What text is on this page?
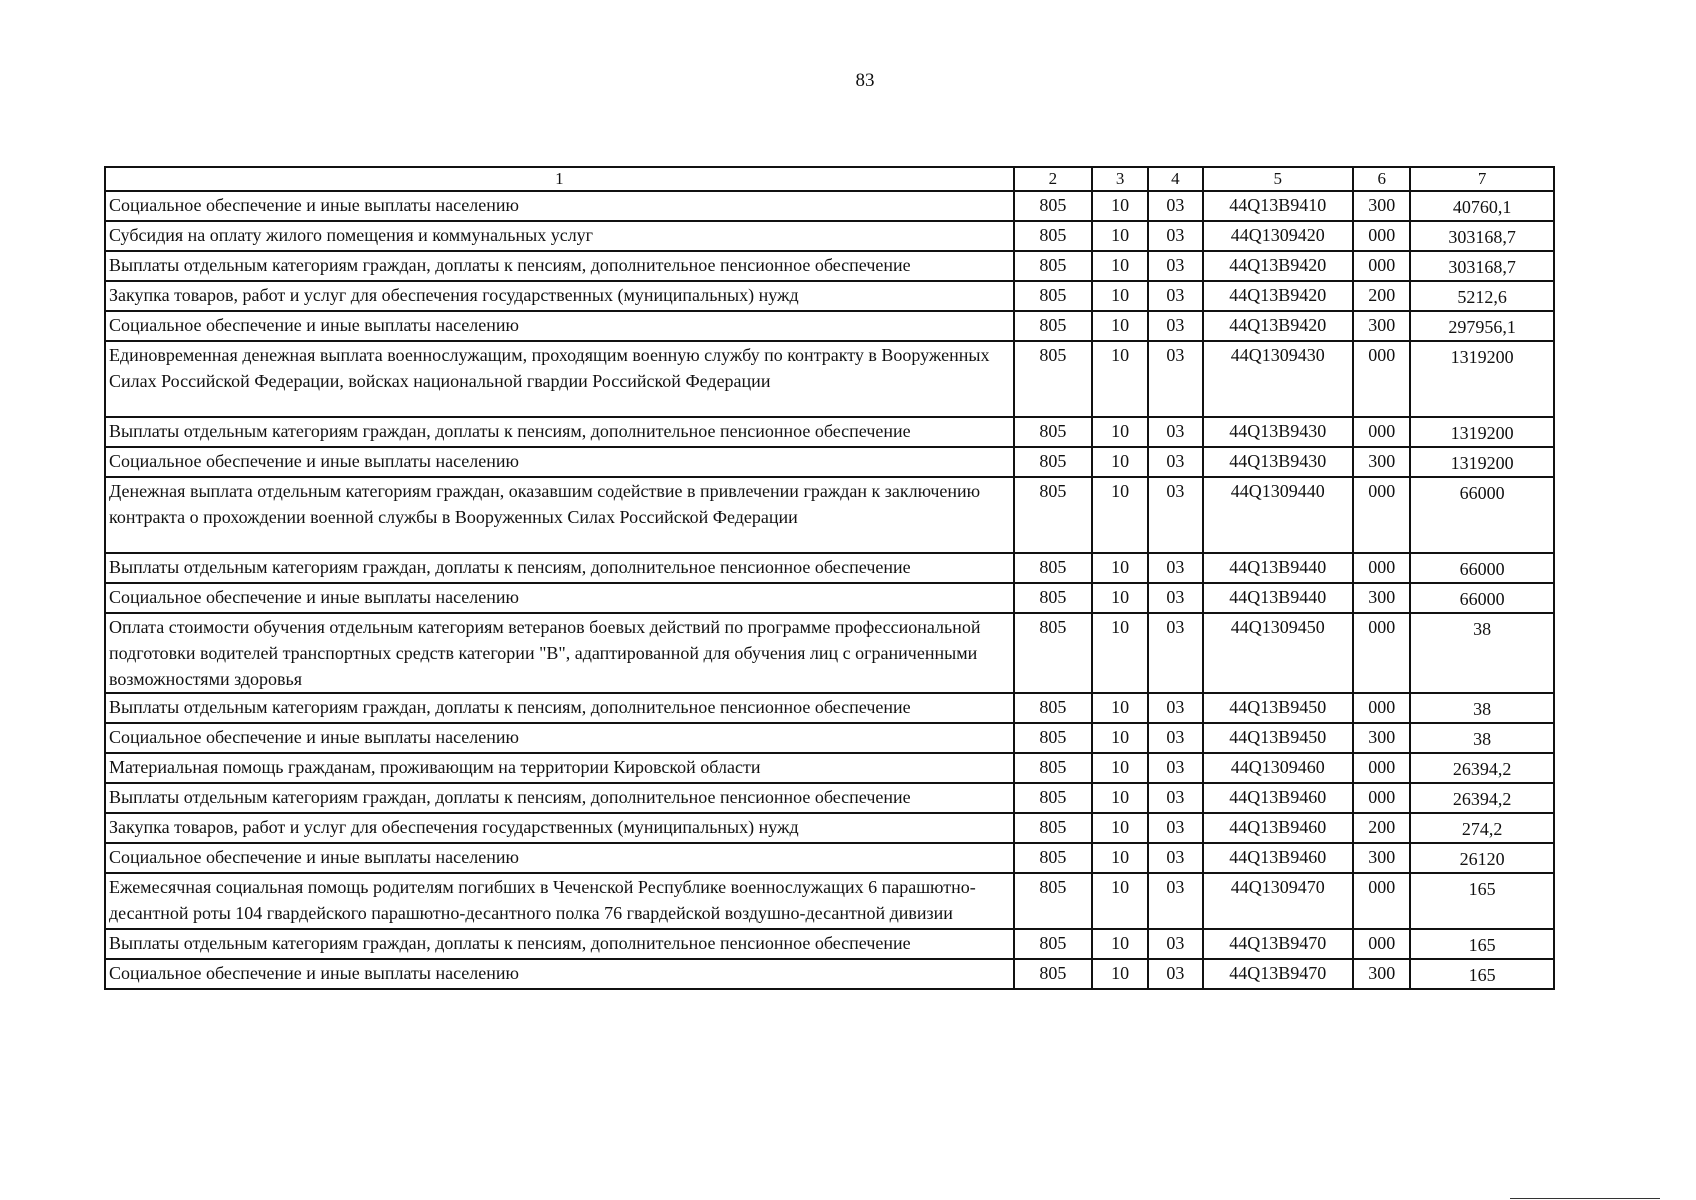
83
1	2	3	4	5	6	7
Социальное обеспечение и иные выплаты населению	805	10	03	44Q13B9410	300	40760,1
Субсидия на оплату жилого помещения и коммунальных услуг	805	10	03	44Q1309420	000	303168,7
Выплаты отдельным категориям граждан, доплаты к пенсиям, дополнительное пенсионное обеспечение	805	10	03	44Q13B9420	000	303168,7
Закупка товаров, работ и услуг для обеспечения государственных (муниципальных) нужд	805	10	03	44Q13B9420	200	5212,6
Социальное обеспечение и иные выплаты населению	805	10	03	44Q13B9420	300	297956,1
Единовременная денежная выплата военнослужащим, проходящим военную службу по контракту в Вооруженных Силах Российской Федерации, войсках национальной гвардии Российской Федерации	805	10	03	44Q1309430	000	1319200
Выплаты отдельным категориям граждан, доплаты к пенсиям, дополнительное пенсионное обеспечение	805	10	03	44Q13B9430	000	1319200
Социальное обеспечение и иные выплаты населению	805	10	03	44Q13B9430	300	1319200
Денежная выплата отдельным категориям граждан, оказавшим содействие в привлечении граждан к заключению контракта о прохождении военной службы в Вооруженных Силах Российской Федерации	805	10	03	44Q1309440	000	66000
Выплаты отдельным категориям граждан, доплаты к пенсиям, дополнительное пенсионное обеспечение	805	10	03	44Q13B9440	000	66000
Социальное обеспечение и иные выплаты населению	805	10	03	44Q13B9440	300	66000
Оплата стоимости обучения отдельным категориям ветеранов боевых действий по программе профессиональной подготовки водителей транспортных средств категории "B", адаптированной для обучения лиц с ограниченными возможностями здоровья	805	10	03	44Q1309450	000	38
Выплаты отдельным категориям граждан, доплаты к пенсиям, дополнительное пенсионное обеспечение	805	10	03	44Q13B9450	000	38
Социальное обеспечение и иные выплаты населению	805	10	03	44Q13B9450	300	38
Материальная помощь гражданам, проживающим на территории Кировской области	805	10	03	44Q1309460	000	26394,2
Выплаты отдельным категориям граждан, доплаты к пенсиям, дополнительное пенсионное обеспечение	805	10	03	44Q13B9460	000	26394,2
Закупка товаров, работ и услуг для обеспечения государственных (муниципальных) нужд	805	10	03	44Q13B9460	200	274,2
Социальное обеспечение и иные выплаты населению	805	10	03	44Q13B9460	300	26120
Ежемесячная социальная помощь родителям погибших в Чеченской Республике военнослужащих 6 парашютно-десантной роты 104 гвардейского парашютно-десантного полка 76 гвардейской воздушно-десантной дивизии	805	10	03	44Q1309470	000	165
Выплаты отдельным категориям граждан, доплаты к пенсиям, дополнительное пенсионное обеспечение	805	10	03	44Q13B9470	000	165
Социальное обеспечение и иные выплаты населению	805	10	03	44Q13B9470	300	165
